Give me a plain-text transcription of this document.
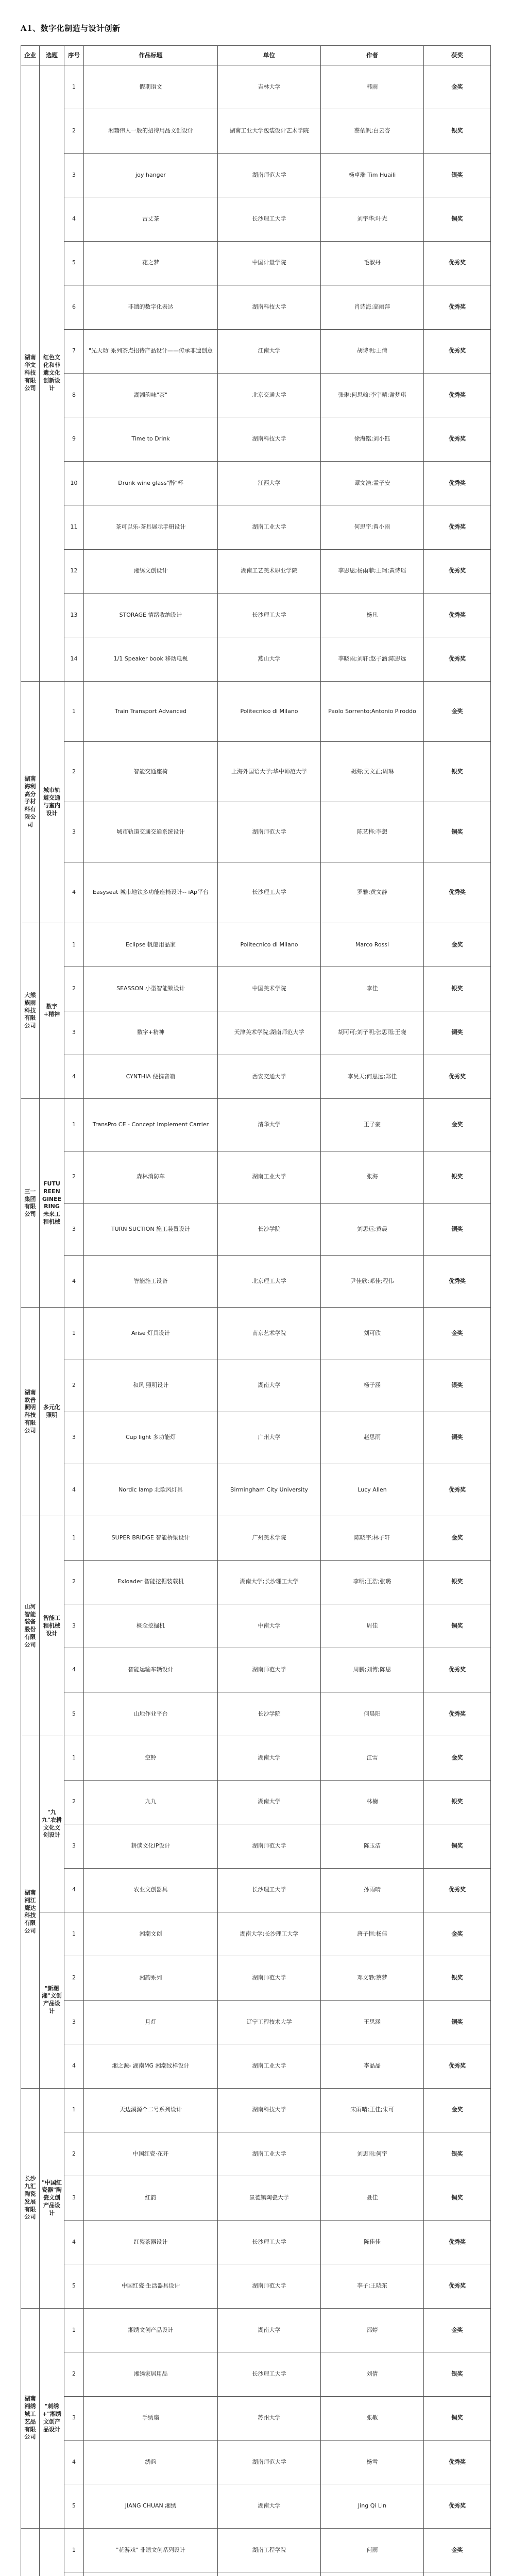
A1、数字化制造与设计创新
企业	选题	序号	作品标题	单位	作者	获奖
湖南华文科技有限公司	红色文化和非遗文化创新设计	1	假期语文	吉林大学	韩雨	金奖
		2	湘籍伟人一般的招待用品文创设计	湖南工业大学包装设计艺术学院	蔡依帆;白云杏	银奖
		3	joy hanger	湖南师范大学	杨卓瑞 Tim Huaili	银奖
		4	古丈茶	长沙理工大学	刘宇华;叶光	铜奖
		5	花之梦	中国计量学院	毛淑丹	优秀奖
		6	非遗的数字化表达	湖南科技大学	肖诗海;高丽萍	优秀奖
		7	"先天动"系列茶点招待产品设计——传承非遗创意	江南大学	胡诗明;王倩	优秀奖
		8	湖湘韵味"茶"	北京交通大学	张琳;何思翰;李宇晴;谢梦琪	优秀奖
		9	Time to Drink	湖南科技大学	徐海铭;刘小钰	优秀奖
		10	Drunk wine glass"醉"杯	江西大学	谭文浩;孟子安	优秀奖
		11	茶可以乐-茶具展示手册设计	湖南工业大学	何思宇;曾小雨	优秀奖
		12	湘绣文创设计	湖南工艺美术职业学院	李思思;杨雨菲;王珂;黄诗瑶	优秀奖
		13	STORAGE 情绪收纳设计	长沙理工大学	杨凡	优秀奖
		14	1/1 Speaker book 移动电视	燕山大学	李晓雨;刘轩;赵子涵;陈思远	优秀奖
湖南海利高分子材料有限公司	城市轨道交通与室内设计	1	Train Transport Advanced	Politecnico di Milano	Paolo Sorrento;Antonio Piroddo	金奖
		2	智能交通座椅	上海外国语大学;华中师范大学	胡海;吴文正;周琳	银奖
		3	城市轨道交通交通系统设计	湖南师范大学	陈艺梓;李想	铜奖
		4	Easyseat 城市地铁多功能座椅设计-- iAp平台	长沙理工大学	罗雅;黄文静	优秀奖
大熊族雨科技有限公司	数字+精神	1	Eclipse 帆船用品家	Politecnico di Milano	Marco Rossi	金奖
		2	SEASSON 小型智能锁设计	中国美术学院	李佳	银奖
		3	数字+精神	天津美术学院;湖南师范大学	胡可可;刘子明;张思雨;王晓	铜奖
		4	CYNTHIA 便携音箱	西安交通大学	李昊天;何思远;郑佳	优秀奖
三一集团有限公司	FUTUREENGINEERING未来工程机械	1	TransPro CE - Concept Implement Carrier	清华大学	王子豪	金奖
		2	森林消防车	湖南工业大学	张海	银奖
		3	TURN SUCTION 施工装置设计	长沙学院	刘思远;黄晨	铜奖
		4	智能施工设备	北京理工大学	尹佳欣;邓佳;程伟	优秀奖
湖南欧普照明科技有限公司	多元化照明	1	Arise 灯具设计	南京艺术学院	刘可欣	金奖
		2	和风 照明设计	湖南大学	杨子涵	银奖
		3	Cup light 多功能灯	广州大学	赵思雨	铜奖
		4	Nordic lamp 北欧风灯具	Birmingham City University	Lucy Allen	优秀奖
山河智能装备股份有限公司	智能工程机械设计	1	SUPER BRIDGE 智能桥梁设计	广州美术学院	陈晓宇;林子轩	金奖
		2	Exloader 智能挖掘装载机	湖南大学;长沙理工大学	李明;王浩;张璐	银奖
		3	概念挖掘机	中南大学	周佳	铜奖
		4	智能运输车辆设计	湖南师范大学	周鹏;刘博;陈思	优秀奖
		5	山地作业平台	长沙学院	何晨阳	优秀奖
湖南湘江鹰达科技有限公司	"九九"农耕文化文创设计	1	空铃	湖南大学	江雪	金奖
		2	九九	湖南大学	林楠	银奖
		3	耕读文化IP设计	湖南师范大学	陈玉洁	铜奖
		4	农业文创器具	长沙理工大学	孙雨晴	优秀奖
	"新潮湘"文创产品设计	1	湘潮文创	湖南大学;长沙理工大学	唐子恒;杨佳	金奖
		2	湘韵系列	湖南师范大学	邓文静;蔡梦	银奖
		3	月灯	辽宁工程技术大学	王思涵	铜奖
		4	湘之源- 湖南MG 湘潮纹样设计	湖南工业大学	李晶晶	优秀奖
长沙九汇陶瓷发展有限公司	"中国红瓷器"陶瓷文创产品设计	1	天边溪源个二号系列设计	湖南科技大学	宋雨晴;王佳;朱可	金奖
		2	中国红瓷·花开	湖南工业大学	刘思雨;何宇	银奖
		3	红韵	景德镇陶瓷大学	聂佳	铜奖
		4	红瓷茶器设计	长沙理工大学	陈佳佳	优秀奖
		5	中国红瓷·生活器具设计	湖南师范大学	李子;王晓东	优秀奖
湖南湘绣城工艺品有限公司	"刺绣+"湘绣文创产品设计	1	湘绣文创产品设计	湖南大学	邵婷	金奖
		2	湘绣家居用品	长沙理工大学	刘倩	银奖
		3	手绣扇	苏州大学	张敏	铜奖
		4	绣韵	湖南师范大学	杨雪	优秀奖
		5	JIANG CHUAN 湘绣	湖南大学	Jing Qi Lin	优秀奖
		1	"花游戏" 非遗文创系列设计	湖南工程学院	何雨	金奖
